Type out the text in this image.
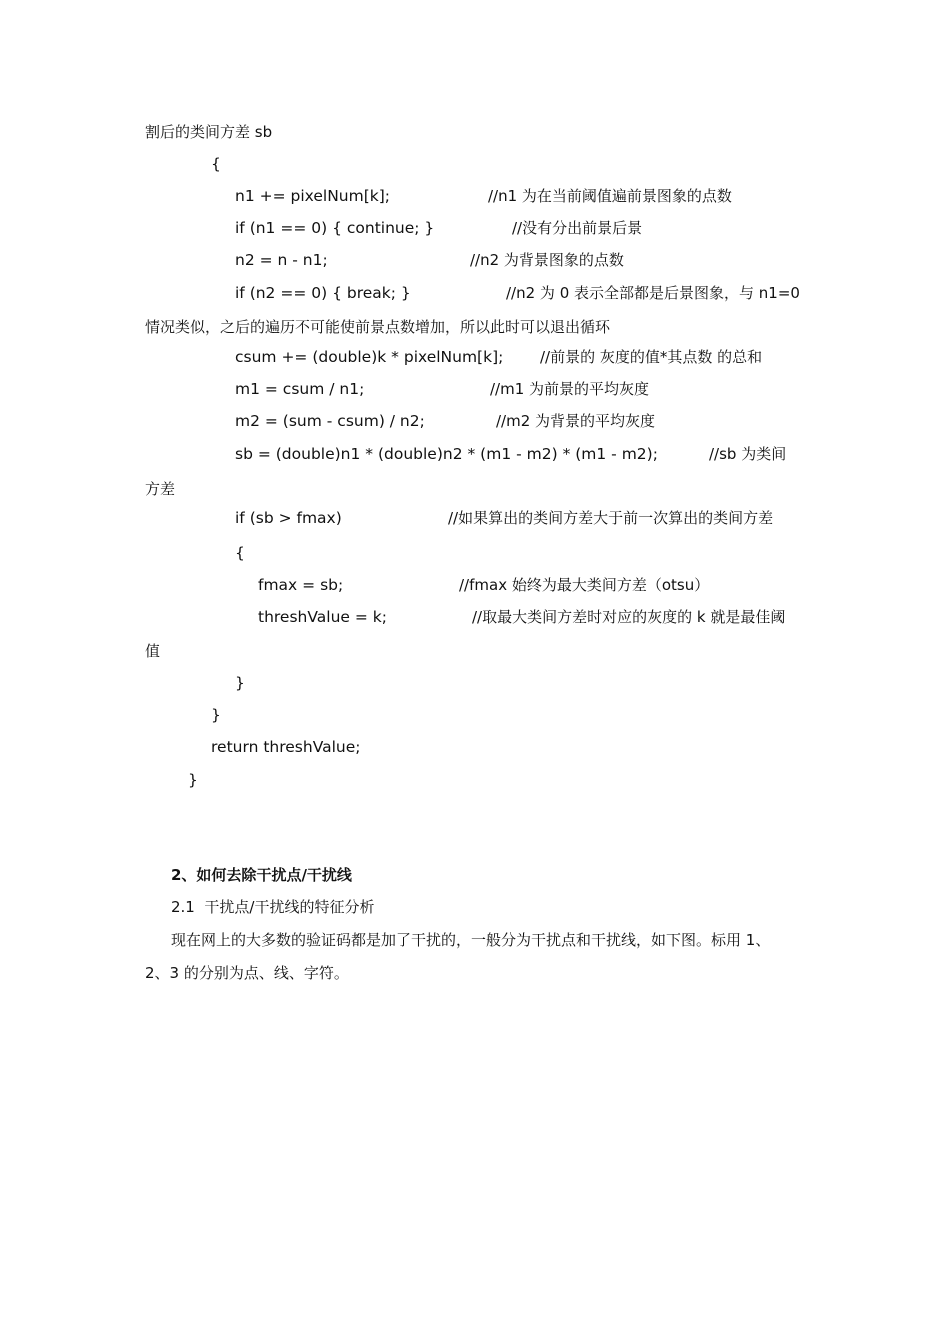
割后的类间方差 sb
{
n1 += pixelNum[k];	//n1 为在当前阈值遍前景图象的点数
if (n1 == 0) { continue; }	//没有分出前景后景
n2 = n - n1;	//n2 为背景图象的点数
if (n2 == 0) { break; }	//n2 为 0 表示全部都是后景图象，与 n1=0
情况类似，之后的遍历不可能使前景点数增加，所以此时可以退出循环
csum += (double)k * pixelNum[k]; //前景的 灰度的值*其点数 的总和
m1 = csum / n1;	//m1 为前景的平均灰度
m2 = (sum - csum) / n2;	//m2 为背景的平均灰度
sb = (double)n1 * (double)n2 * (m1 - m2) * (m1 - m2);	//sb 为类间
方差
if (sb > fmax)	//如果算出的类间方差大于前一次算出的类间方差
{
fmax = sb;	//fmax 始终为最大类间方差（otsu）
threshValue = k;	//取最大类间方差时对应的灰度的 k 就是最佳阈
值
}
}
return threshValue;
}
2、如何去除干扰点/干扰线
2.1  干扰点/干扰线的特征分析
现在网上的大多数的验证码都是加了干扰的，一般分为干扰点和干扰线，如下图。标用 1、
2、3 的分别为点、线、字符。
